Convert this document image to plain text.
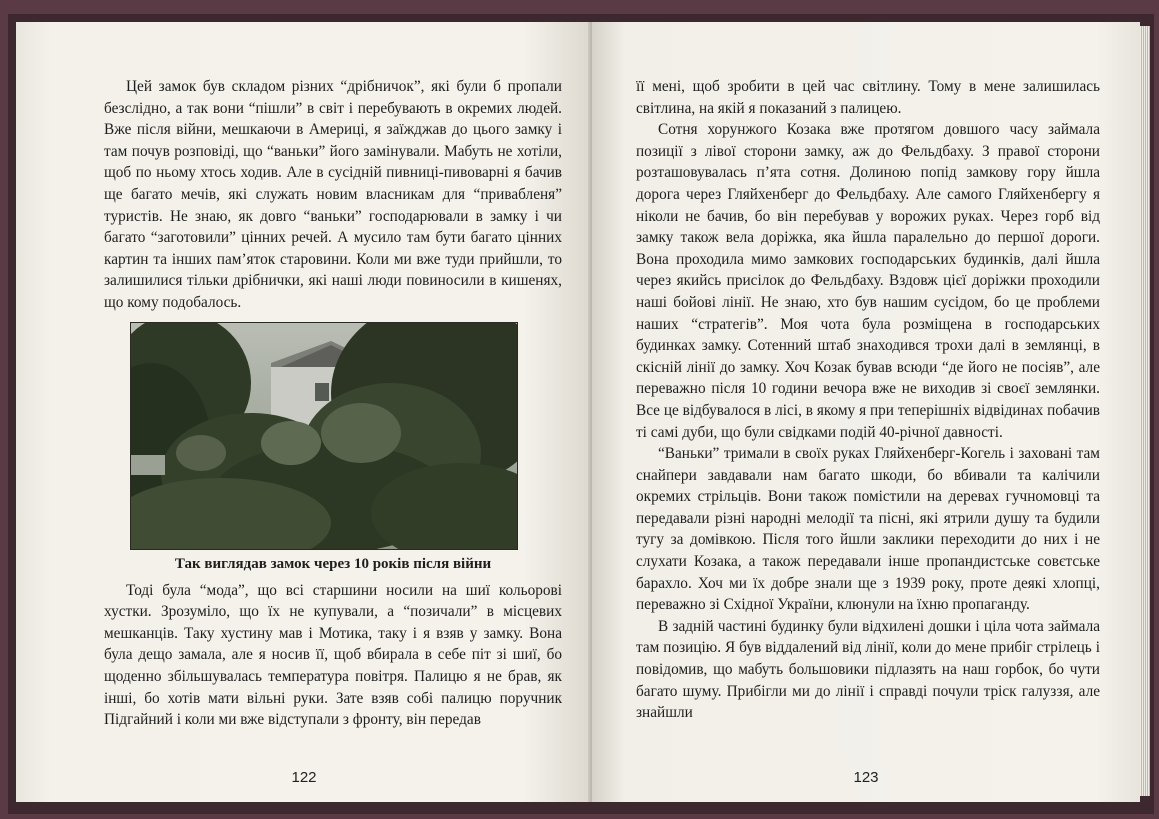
Цей замок був складом різних “дрібничок”, які були б пропали безслідно, а так вони “пішли” в світ і перебувають в окремих людей. Вже після війни, мешкаючи в Америці, я заїжджав до цього замку і там почув розповіді, що “ваньки” його замінували. Мабуть не хотіли, щоб по ньому хтось ходив. Але в сусідній пивниці-пивоварні я бачив ще багато мечів, які служать новим власникам для “привабленя” туристів. Не знаю, як довго “ваньки” господарювали в замку і чи багато “заготовили” цінних речей. А мусило там бути багато цінних картин та інших пам’яток старовини. Коли ми вже туди прийшли, то залишилися тільки дрібнички, які наші люди повиносили в кишенях, що кому подобалось.

Так виглядав замок через 10 років після війни

Тоді була “мода”, що всі старшини носили на шиї кольорові хустки. Зрозуміло, що їх не купували, а “позичали” в місцевих мешканців. Таку хустину мав і Мотика, таку і я взяв у замку. Вона була дещо замала, але я носив її, щоб вбирала в себе піт зі шиї, бо щоденно збільшувалась температура повітря. Палицю я не брав, як інші, бо хотів мати вільні руки. Зате взяв собі палицю поручник Підгайний і коли ми вже відступали з фронту, він передав

122

її мені, щоб зробити в цей час світлину. Тому в мене залишилась світлина, на якій я показаний з палицею.

Сотня хорунжого Козака вже протягом довшого часу займала позиції з лівої сторони замку, аж до Фельдбаху. З правої сторони розташовувалась п’ята сотня. Долиною попід замкову гору йшла дорога через Гляйхенберг до Фельдбаху. Але самого Гляйхенбергу я ніколи не бачив, бо він перебував у ворожих руках. Через горб від замку також вела доріжка, яка йшла паралельно до першої дороги. Вона проходила мимо замкових господарських будинків, далі йшла через якийсь присілок до Фельдбаху. Вздовж цієї доріжки проходили наші бойові лінії. Не знаю, хто був нашим сусідом, бо це проблеми наших “стратегів”. Моя чота була розміщена в господарських будинках замку. Сотенний штаб знаходився трохи далі в землянці, в скісній лінії до замку. Хоч Козак бував всюди “де його не посіяв”, але переважно після 10 години вечора вже не виходив зі своєї землянки. Все це відбувалося в лісі, в якому я при теперішніх відвідинах побачив ті самі дуби, що були свідками подій 40-річної давності.

“Ваньки” тримали в своїх руках Гляйхенберг-Когель і заховані там снайпери завдавали нам багато шкоди, бо вбивали та калічили окремих стрільців. Вони також помістили на деревах гучномовці та передавали різні народні мелодії та пісні, які ятрили душу та будили тугу за домівкою. Після того йшли заклики переходити до них і не слухати Козака, а також передавали інше пропандистське совєтське барахло. Хоч ми їх добре знали ще з 1939 року, проте деякі хлопці, переважно зі Східної України, клюнули на їхню пропаганду.

В задній частині будинку були відхилені дошки і ціла чота займала там позицію. Я був віддалений від лінії, коли до мене прибіг стрілець і повідомив, що мабуть большовики підлазять на наш горбок, бо чути багато шуму. Прибігли ми до лінії і справді почули тріск галуззя, але знайшли

123
